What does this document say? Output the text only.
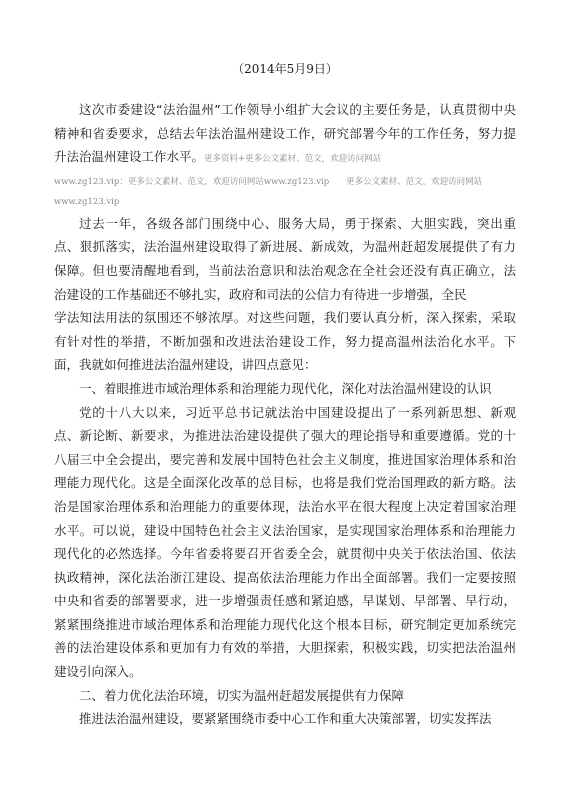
（2014年5月9日）

这次市委建设“法治温州”工作领导小组扩大会议的主要任务是，认真贯彻中央精神和省委要求，总结去年法治温州建设工作，研究部署今年的工作任务，努力提升法治温州建设工作水平。更多资料+更多公文素材、范文，欢迎访问网站

www.zg123.vip：更多公文素材、范文，欢迎访问网站www.zg123.vip　　更多公文素材、范文，欢迎访问网站
www.zg123.vip

过去一年，各级各部门围绕中心、服务大局，勇于探索、大胆实践，突出重点、狠抓落实，法治温州建设取得了新进展、新成效，为温州赶超发展提供了有力保障。但也要清醒地看到，当前法治意识和法治观念在全社会还没有真正确立，法治建设的工作基础还不够扎实，政府和司法的公信力有待进一步增强，全民

学法知法用法的氛围还不够浓厚。对这些问题，我们要认真分析，深入探索，采取有针对性的举措，不断加强和改进法治建设工作，努力提高温州法治化水平。下面，我就如何推进法治温州建设，讲四点意见：

一、着眼推进市域治理体系和治理能力现代化，深化对法治温州建设的认识

党的十八大以来，习近平总书记就法治中国建设提出了一系列新思想、新观点、新论断、新要求，为推进法治建设提供了强大的理论指导和重要遵循。党的十八届三中全会提出，要完善和发展中国特色社会主义制度，推进国家治理体系和治理能力现代化。这是全面深化改革的总目标，也将是我们党治国理政的新方略。法治是国家治理体系和治理能力的重要体现，法治水平在很大程度上决定着国家治理水平。可以说，建设中国特色社会主义法治国家，是实现国家治理体系和治理能力现代化的必然选择。今年省委将要召开省委全会，就贯彻中央关于依法治国、依法执政精神，深化法治浙江建设、提高依法治理能力作出全面部署。我们一定要按照中央和省委的部署要求，进一步增强责任感和紧迫感，早谋划、早部署、早行动，紧紧围绕推进市域治理体系和治理能力现代化这个根本目标，研究制定更加系统完善的法治建设体系和更加有力有效的举措，大胆探索，积极实践，切实把法治温州建设引向深入。

二、着力优化法治环境，切实为温州赶超发展提供有力保障

推进法治温州建设，要紧紧围绕市委中心工作和重大决策部署，切实发挥法
